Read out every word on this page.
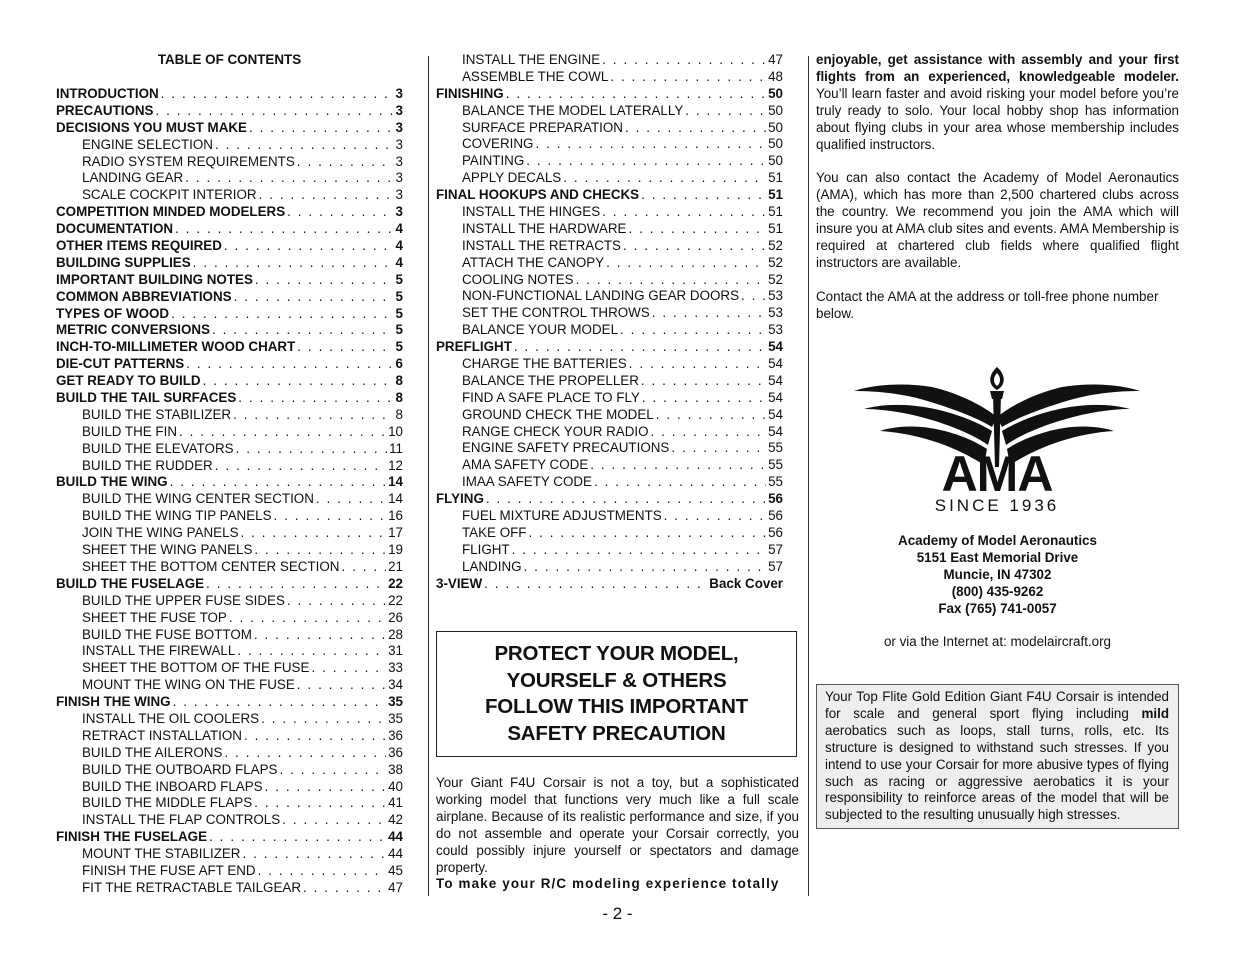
TABLE OF CONTENTS
INTRODUCTION . . .	3
PRECAUTIONS . . .	3
DECISIONS YOU MUST MAKE . . .	3
ENGINE SELECTION . . .	3
RADIO SYSTEM REQUIREMENTS . . .	3
LANDING GEAR . . .	3
SCALE COCKPIT INTERIOR . . .	3
COMPETITION MINDED MODELERS . . .	3
DOCUMENTATION . . .	4
OTHER ITEMS REQUIRED . . .	4
BUILDING SUPPLIES . . .	4
IMPORTANT BUILDING NOTES . . .	5
COMMON ABBREVIATIONS . . .	5
TYPES OF WOOD . . .	5
METRIC CONVERSIONS . . .	5
INCH-TO-MILLIMETER WOOD CHART . . .	5
DIE-CUT PATTERNS . . .	6
GET READY TO BUILD . . .	8
BUILD THE TAIL SURFACES . . .	8
BUILD THE STABILIZER . . .	8
BUILD THE FIN . . .	10
BUILD THE ELEVATORS . . .	11
BUILD THE RUDDER . . .	12
BUILD THE WING . . .	14
BUILD THE WING CENTER SECTION . . .	14
BUILD THE WING TIP PANELS . . .	16
JOIN THE WING PANELS . . .	17
SHEET THE WING PANELS . . .	19
SHEET THE BOTTOM CENTER SECTION . . .	21
BUILD THE FUSELAGE . . .	22
BUILD THE UPPER FUSE SIDES . . .	22
SHEET THE FUSE TOP . . .	26
BUILD THE FUSE BOTTOM . . .	28
INSTALL THE FIREWALL . . .	31
SHEET THE BOTTOM OF THE FUSE . . .	33
MOUNT THE WING ON THE FUSE . . .	34
FINISH THE WING . . .	35
INSTALL THE OIL COOLERS . . .	35
RETRACT INSTALLATION . . .	36
BUILD THE AILERONS . . .	36
BUILD THE OUTBOARD FLAPS . . .	38
BUILD THE INBOARD FLAPS . . .	40
BUILD THE MIDDLE FLAPS . . .	41
INSTALL THE FLAP CONTROLS . . .	42
FINISH THE FUSELAGE . . .	44
MOUNT THE STABILIZER . . .	44
FINISH THE FUSE AFT END . . .	45
FIT THE RETRACTABLE TAILGEAR . . .	47
INSTALL THE ENGINE . . .	47
ASSEMBLE THE COWL . . .	48
FINISHING . . .	50
BALANCE THE MODEL LATERALLY . . .	50
SURFACE PREPARATION . . .	50
COVERING . . .	50
PAINTING . . .	50
APPLY DECALS . . .	51
FINAL HOOKUPS AND CHECKS . . .	51
INSTALL THE HINGES . . .	51
INSTALL THE HARDWARE . . .	51
INSTALL THE RETRACTS . . .	52
ATTACH THE CANOPY . . .	52
COOLING NOTES . . .	52
NON-FUNCTIONAL LANDING GEAR DOORS . . . 53
SET THE CONTROL THROWS . . .	53
BALANCE YOUR MODEL . . .	53
PREFLIGHT . . .	54
CHARGE THE BATTERIES . . .	54
BALANCE THE PROPELLER . . .	54
FIND A SAFE PLACE TO FLY . . .	54
GROUND CHECK THE MODEL . . .	54
RANGE CHECK YOUR RADIO . . .	54
ENGINE SAFETY PRECAUTIONS . . .	55
AMA SAFETY CODE . . .	55
IMAA SAFETY CODE . . .	55
FLYING . . .	56
FUEL MIXTURE ADJUSTMENTS . . .	56
TAKE OFF . . .	56
FLIGHT . . .	57
LANDING . . .	57
3-VIEW . . .	Back Cover
PROTECT YOUR MODEL,
YOURSELF & OTHERS
FOLLOW THIS IMPORTANT
SAFETY PRECAUTION
Your Giant F4U Corsair is not a toy, but a sophisticated working model that functions very much like a full scale airplane. Because of its realistic performance and size, if you do not assemble and operate your Corsair correctly, you could possibly injure yourself or spectators and damage property.
To make your R/C modeling experience totally

enjoyable, get assistance with assembly and your first flights from an experienced, knowledgeable modeler. You’ll learn faster and avoid risking your model before you’re truly ready to solo. Your local hobby shop has information about flying clubs in your area whose membership includes qualified instructors.

You can also contact the Academy of Model Aeronautics (AMA), which has more than 2,500 chartered clubs across the country. We recommend you join the AMA which will insure you at AMA club sites and events. AMA Membership is required at chartered club fields where qualified flight instructors are available.

Contact the AMA at the address or toll-free phone number below.

AMA
SINCE 1936
Academy of Model Aeronautics
5151 East Memorial Drive
Muncie, IN 47302
(800) 435-9262
Fax (765) 741-0057
or via the Internet at: modelaircraft.org
Your Top Flite Gold Edition Giant F4U Corsair is intended for scale and general sport flying including mild aerobatics such as loops, stall turns, rolls, etc. Its structure is designed to withstand such stresses. If you intend to use your Corsair for more abusive types of flying such as racing or aggressive aerobatics it is your responsibility to reinforce areas of the model that will be subjected to the resulting unusually high stresses.
- 2 -
